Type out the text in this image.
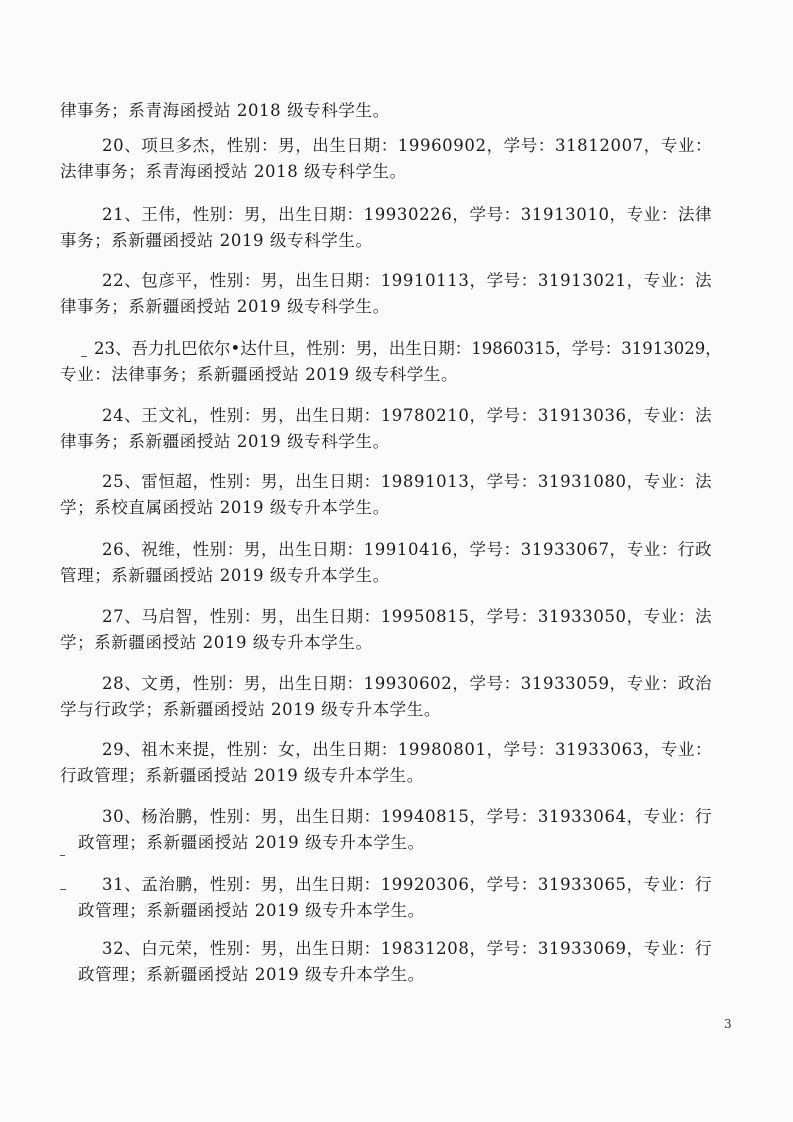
律事务；系青海函授站 2018 级专科学生。

20、项旦多杰，性别：男，出生日期：19960902，学号：31812007，专业：
法律事务；系青海函授站 2018 级专科学生。

21、王伟，性别：男，出生日期：19930226，学号：31913010，专业：法律
事务；系新疆函授站 2019 级专科学生。

22、包彦平，性别：男，出生日期：19910113，学号：31913021，专业：法
律事务；系新疆函授站 2019 级专科学生。

23、吾力扎巴依尔•达什旦，性别：男，出生日期：19860315，学号：31913029，
专业：法律事务；系新疆函授站 2019 级专科学生。

24、王文礼，性别：男，出生日期：19780210，学号：31913036，专业：法
律事务；系新疆函授站 2019 级专科学生。

25、雷恒超，性别：男，出生日期：19891013，学号：31931080，专业：法
学；系校直属函授站 2019 级专升本学生。

26、祝维，性别：男，出生日期：19910416，学号：31933067，专业：行政
管理；系新疆函授站 2019 级专升本学生。

27、马启智，性别：男，出生日期：19950815，学号：31933050，专业：法
学；系新疆函授站 2019 级专升本学生。

28、文勇，性别：男，出生日期：19930602，学号：31933059，专业：政治
学与行政学；系新疆函授站 2019 级专升本学生。

29、祖木来提，性别：女，出生日期：19980801，学号：31933063，专业：
行政管理；系新疆函授站 2019 级专升本学生。

30、杨治鹏，性别：男，出生日期：19940815，学号：31933064，专业：行
政管理；系新疆函授站 2019 级专升本学生。

31、孟治鹏，性别：男，出生日期：19920306，学号：31933065，专业：行
政管理；系新疆函授站 2019 级专升本学生。

32、白元荣，性别：男，出生日期：19831208，学号：31933069，专业：行
政管理；系新疆函授站 2019 级专升本学生。

3
